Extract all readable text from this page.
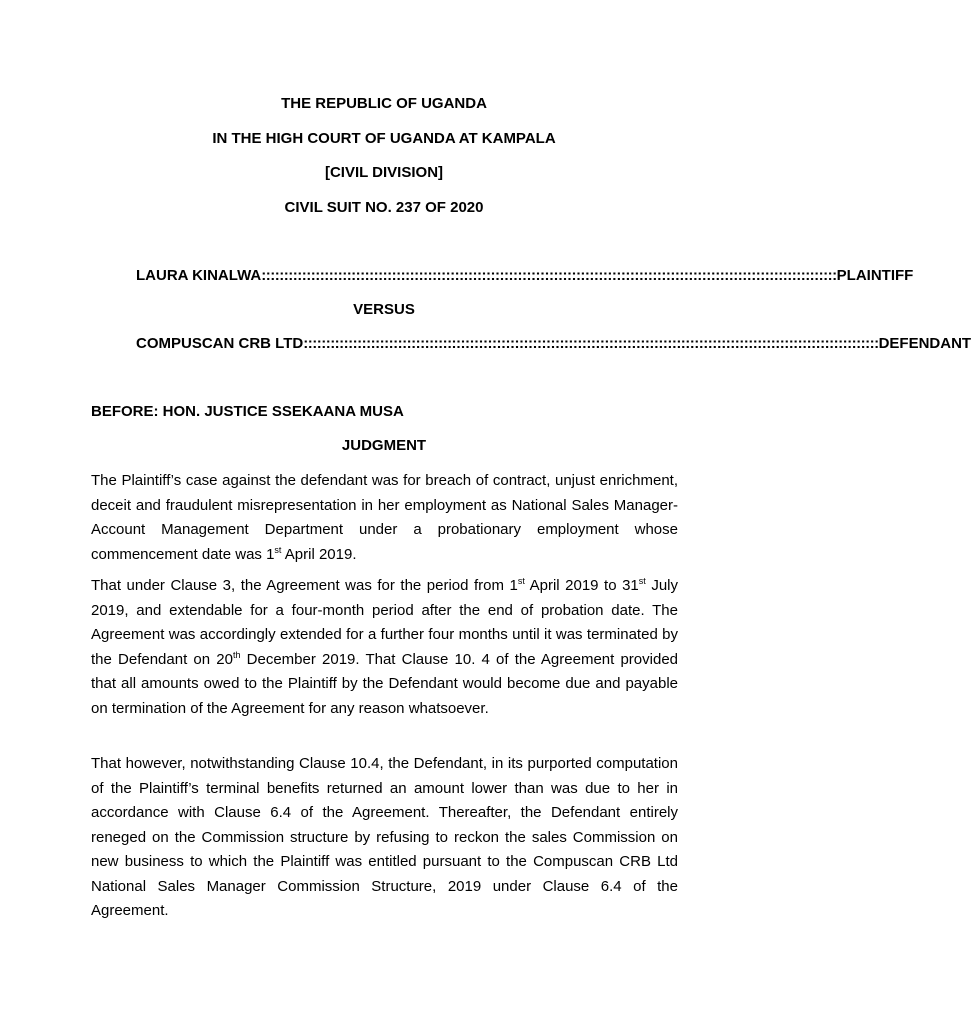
THE REPUBLIC OF UGANDA
IN THE HIGH COURT OF UGANDA AT KAMPALA
[CIVIL DIVISION]
CIVIL SUIT NO. 237 OF 2020
LAURA KINALWA :::::::::::::::::::::::::::::::::::::::::::::::::::::::::::::::::::::::::::::::::::::::::::::::::::::::::::::::::::::::::::::::: PLAINTIFF
VERSUS
COMPUSCAN CRB LTD :::::::::::::::::::::::::::::::::::::::::::::::::::::::::::::::::::::::::::::::::::::::::::::::::::::::::::::::::::::::::::::::: DEFENDANT
BEFORE: HON. JUSTICE SSEKAANA MUSA
JUDGMENT

The Plaintiff’s case against the defendant was for breach of contract, unjust enrichment, deceit and fraudulent misrepresentation in her employment as National Sales Manager-Account Management Department under a probationary employment whose commencement date was 1st April 2019.

That under Clause 3, the Agreement was for the period from 1st April 2019 to 31st July 2019, and extendable for a four-month period after the end of probation date. The Agreement was accordingly extended for a further four months until it was terminated by the Defendant on 20th December 2019. That Clause 10. 4 of the Agreement provided that all amounts owed to the Plaintiff by the Defendant would become due and payable on termination of the Agreement for any reason whatsoever.

That however, notwithstanding Clause 10.4, the Defendant, in its purported computation of the Plaintiff’s terminal benefits returned an amount lower than was due to her in accordance with Clause 6.4 of the Agreement. Thereafter, the Defendant entirely reneged on the Commission structure by refusing to reckon the sales Commission on new business to which the Plaintiff was entitled pursuant to the Compuscan CRB Ltd National Sales Manager Commission Structure, 2019 under Clause 6.4 of the Agreement.
